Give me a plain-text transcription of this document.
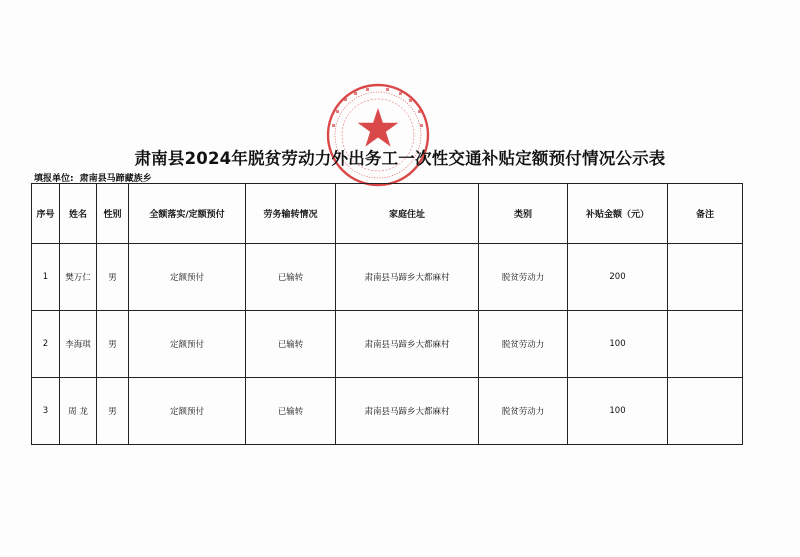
肃南县2024年脱贫劳动力外出务工一次性交通补贴定额预付情况公示表
填报单位: 肃南县马蹄藏族乡
序号	姓名	性别	全额落实/定额预付	劳务输转情况	家庭住址	类别	补贴金额（元）	备注
1	樊万仁	男	定额预付	已输转	肃南县马蹄乡大都麻村	脱贫劳动力	200	
2	李海琪	男	定额预付	已输转	肃南县马蹄乡大都麻村	脱贫劳动力	100	
3	周 龙	男	定额预付	已输转	肃南县马蹄乡大都麻村	脱贫劳动力	100	
